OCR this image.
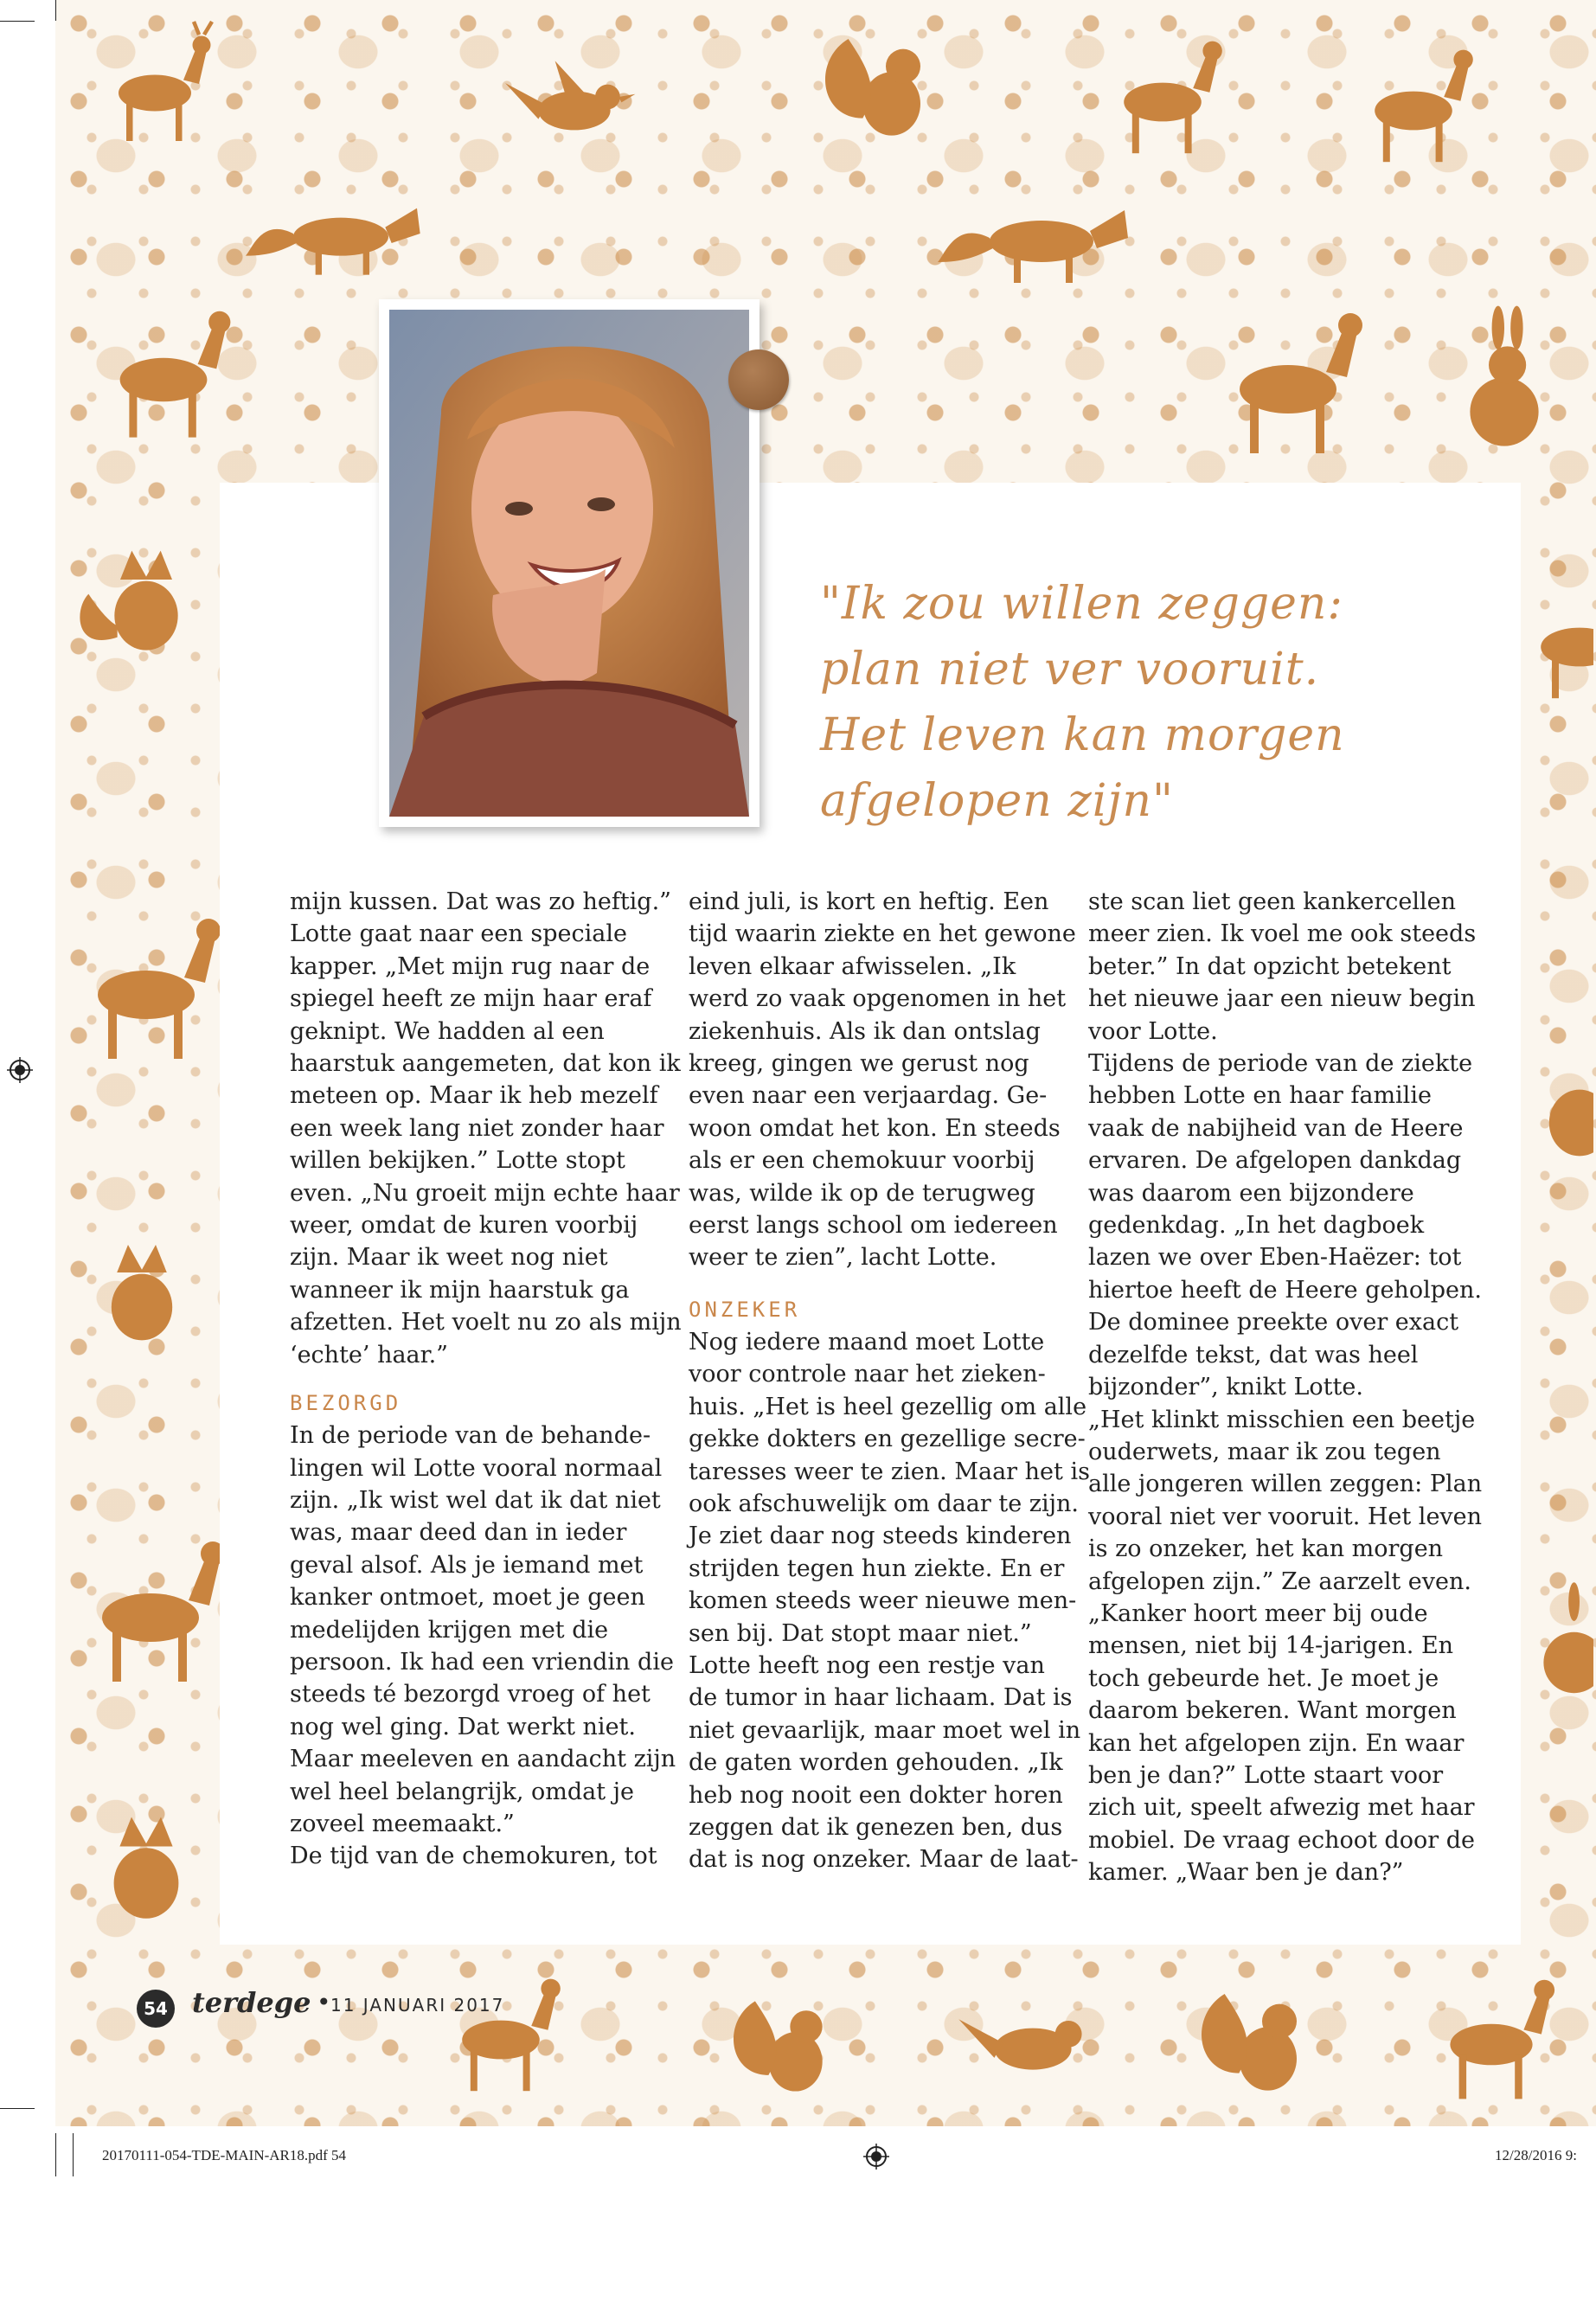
"Ik zou willen zeggen:
plan niet ver vooruit.
Het leven kan morgen
afgelopen zijn"

mijn kussen. Dat was zo heftig.”

Lotte gaat naar een speciale

kapper. „Met mijn rug naar de

spiegel heeft ze mijn haar eraf

geknipt. We hadden al een

haarstuk aangemeten, dat kon ik

meteen op. Maar ik heb mezelf

een week lang niet zonder haar

willen bekijken.” Lotte stopt

even. „Nu groeit mijn echte haar

weer, omdat de kuren voorbij

zijn. Maar ik weet nog niet

wanneer ik mijn haarstuk ga

afzetten. Het voelt nu zo als mijn

‘echte’ haar.”

BEZORGD

In de periode van de behande-

lingen wil Lotte vooral normaal

zijn. „Ik wist wel dat ik dat niet

was, maar deed dan in ieder

geval alsof. Als je iemand met

kanker ontmoet, moet je geen

medelijden krijgen met die

persoon. Ik had een vriendin die

steeds té bezorgd vroeg of het

nog wel ging. Dat werkt niet.

Maar meeleven en aandacht zijn

wel heel belangrijk, omdat je

zoveel meemaakt.”

De tijd van de chemokuren, tot

eind juli, is kort en heftig. Een

tijd waarin ziekte en het gewone

leven elkaar afwisselen. „Ik

werd zo vaak opgenomen in het

ziekenhuis. Als ik dan ontslag

kreeg, gingen we gerust nog

even naar een verjaardag. Ge-

woon omdat het kon. En steeds

als er een chemokuur voorbij

was, wilde ik op de terugweg

eerst langs school om iedereen

weer te zien”, lacht Lotte.

ONZEKER

Nog iedere maand moet Lotte

voor controle naar het zieken-

huis. „Het is heel gezellig om alle

gekke dokters en gezellige secre-

taresses weer te zien. Maar het is

ook afschuwelijk om daar te zijn.

Je ziet daar nog steeds kinderen

strijden tegen hun ziekte. En er

komen steeds weer nieuwe men-

sen bij. Dat stopt maar niet.”

Lotte heeft nog een restje van

de tumor in haar lichaam. Dat is

niet gevaarlijk, maar moet wel in

de gaten worden gehouden. „Ik

heb nog nooit een dokter horen

zeggen dat ik genezen ben, dus

dat is nog onzeker. Maar de laat-

ste scan liet geen kankercellen

meer zien. Ik voel me ook steeds

beter.” In dat opzicht betekent

het nieuwe jaar een nieuw begin

voor Lotte.

Tijdens de periode van de ziekte

hebben Lotte en haar familie

vaak de nabijheid van de Heere

ervaren. De afgelopen dankdag

was daarom een bijzondere

gedenkdag. „In het dagboek

lazen we over Eben-Haëzer: tot

hiertoe heeft de Heere geholpen.

De dominee preekte over exact

dezelfde tekst, dat was heel

bijzonder”, knikt Lotte.

„Het klinkt misschien een beetje

ouderwets, maar ik zou tegen

alle jongeren willen zeggen: Plan

vooral niet ver vooruit. Het leven

is zo onzeker, het kan morgen

afgelopen zijn.” Ze aarzelt even.

„Kanker hoort meer bij oude

mensen, niet bij 14-jarigen. En

toch gebeurde het. Je moet je

daarom bekeren. Want morgen

kan het afgelopen zijn. En waar

ben je dan?” Lotte staart voor

zich uit, speelt afwezig met haar

mobiel. De vraag echoot door de

kamer. „Waar ben je dan?”

54 terdege • 11 JANUARI 2017
20170111-054-TDE-MAIN-AR18.pdf 54	12/28/2016 9:
